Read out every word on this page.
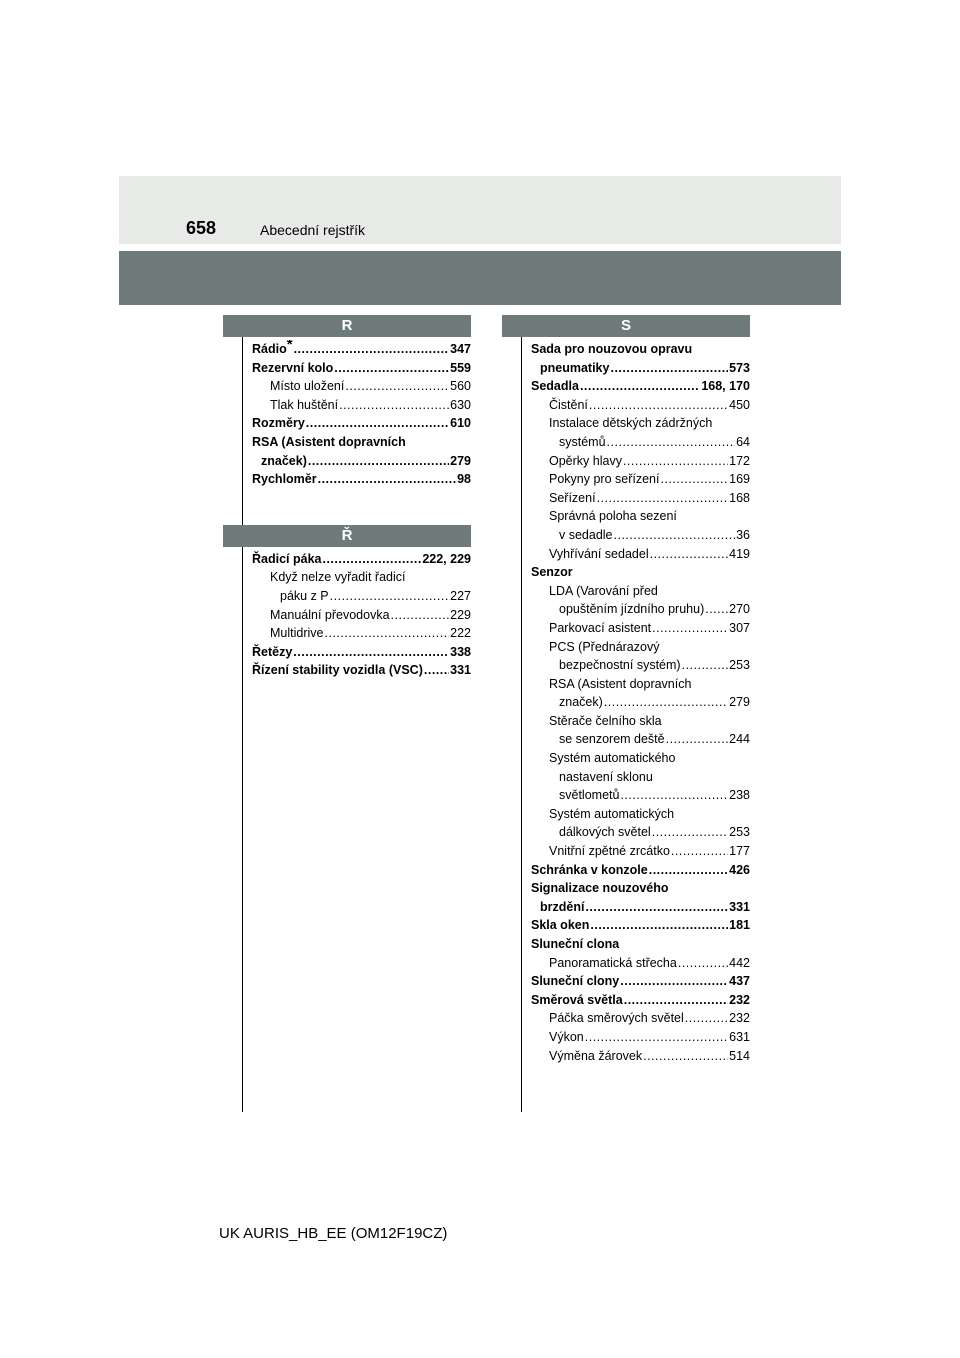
658	Abecední rejstřík
R
Rádio* .....	347
Rezervní kolo .....	559
Místo uložení .....	560
Tlak huštění .....	630
Rozměry .....	610
RSA (Asistent dopravních
značek) .....	279
Rychloměr .....	98
Ř
Řadicí páka .....	222, 229
Když nelze vyřadit řadicí
páku z P .....	227
Manuální převodovka .....	229
Multidrive .....	222
Řetězy .....	338
Řízení stability vozidla (VSC) ..... 331
S
Sada pro nouzovou opravu
pneumatiky .....	573
Sedadla .....	168, 170
Čistění .....	450
Instalace dětských zádržných
systémů .....	64
Opěrky hlavy .....	172
Pokyny pro seřízení .....	169
Seřízení .....	168
Správná poloha sezení
v sedadle .....	36
Vyhřívání sedadel .....	419
Senzor
LDA (Varování před
opuštěním jízdního pruhu) ..... 270
Parkovací asistent .....	307
PCS (Přednárazový
bezpečnostní systém) .....	253
RSA (Asistent dopravních
značek) .....	279
Stěrače čelního skla
se senzorem deště .....	244
Systém automatického
nastavení sklonu
světlometů .....	238
Systém automatických
dálkových světel .....	253
Vnitřní zpětné zrcátko .....	177
Schránka v konzole .....	426
Signalizace nouzového
brzdění .....	331
Skla oken .....	181
Sluneční clona
Panoramatická střecha .....	442
Sluneční clony .....	437
Směrová světla .....	232
Páčka směrových světel .....	232
Výkon .....	631
Výměna žárovek .....	514
UK AURIS_HB_EE (OM12F19CZ)
